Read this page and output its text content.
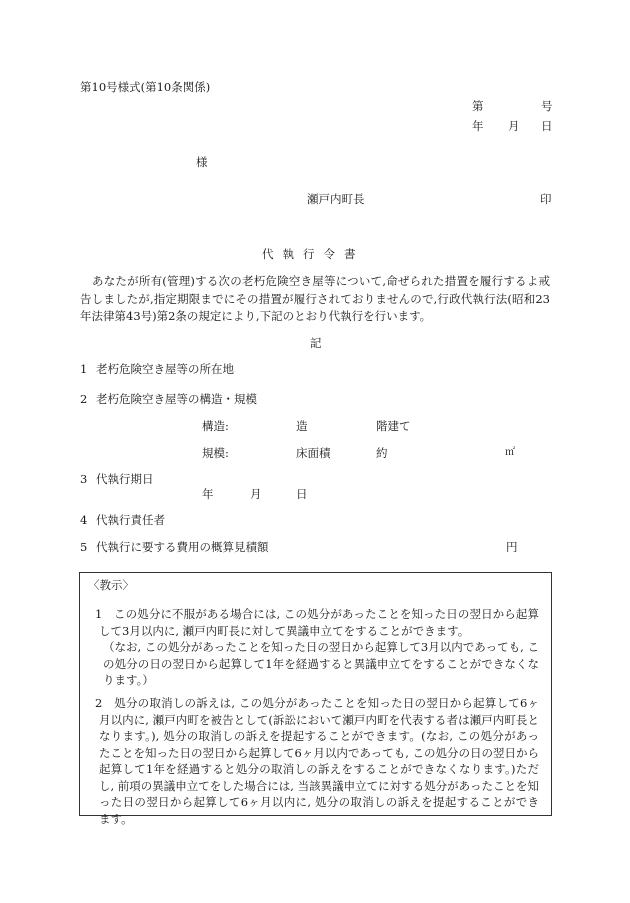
第10号様式(第10条関係)
第	号
年 月 日
様
瀬戸内町長	印
代執行令書
あなたが所有(管理)する次の老朽危険空き屋等について,命ぜられた措置を履行するよ戒告しましたが,指定期限までにその措置が履行されておりませんので,行政代執行法(昭和23年法律第43号)第2条の規定により,下記のとおり代執行を行います。
記
1 老朽危険空き屋等の所在地
2 老朽危険空き屋等の構造・規模
構造:	造	階建て
規模:	床面積	約	㎡
3 代執行期日
年	月	日
4 代執行責任者
5 代執行に要する費用の概算見積額	円
〈教示〉
1　この処分に不服がある場合には, この処分があったことを知った日の翌日から起算して3月以内に, 瀬戸内町長に対して異議申立てをすることができます。
（なお, この処分があったことを知った日の翌日から起算して3月以内であっても, この処分の日の翌日から起算して1年を経過すると異議申立てをすることができなくなります。）
2　処分の取消しの訴えは, この処分があったことを知った日の翌日から起算して6ヶ月以内に, 瀬戸内町を被告として(訴訟において瀬戸内町を代表する者は瀬戸内町長となります。), 処分の取消しの訴えを提起することができます。(なお, この処分があったことを知った日の翌日から起算して6ヶ月以内であっても, この処分の日の翌日から起算して1年を経過すると処分の取消しの訴えをすることができなくなります。)ただし, 前項の異議申立てをした場合には, 当該異議申立てに対する処分があったことを知った日の翌日から起算して6ヶ月以内に, 処分の取消しの訴えを提起することができます。
